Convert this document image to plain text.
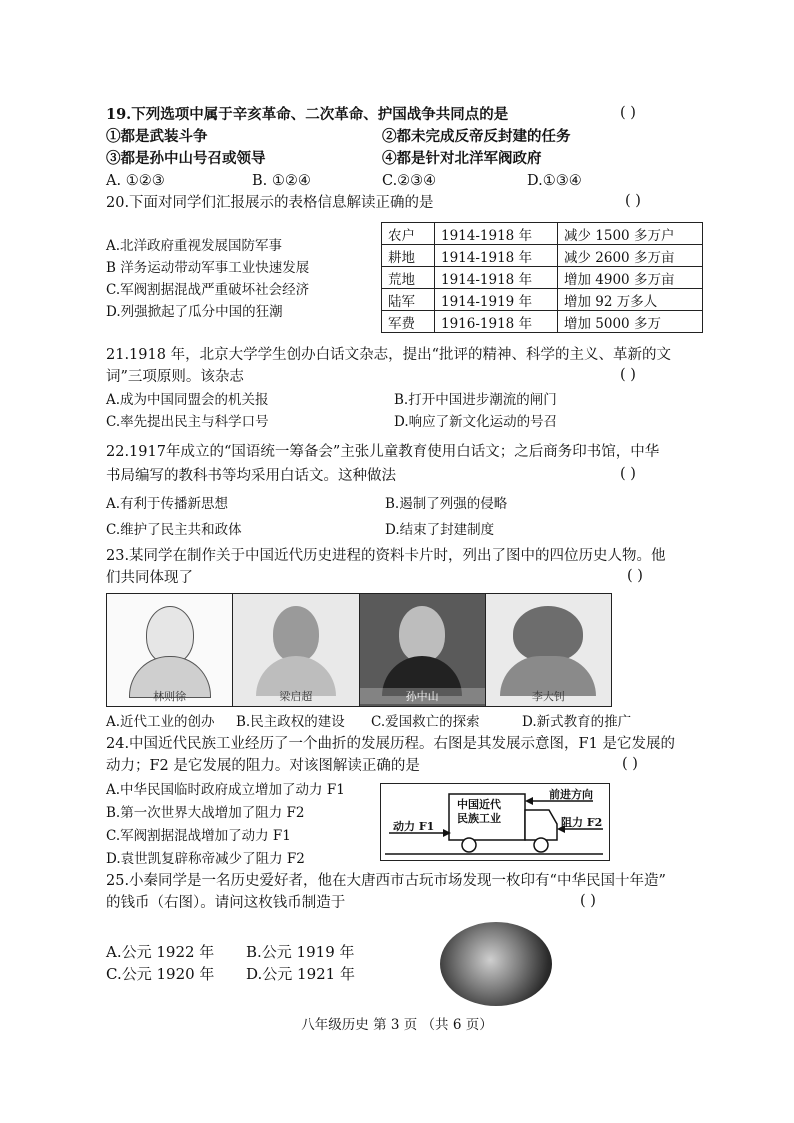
19.下列选项中属于辛亥革命、二次革命、护国战争共同点的是	( )
①都是武装斗争	②都未完成反帝反封建的任务
③都是孙中山号召或领导	④都是针对北洋军阀政府
A. ①②③	B. ①②④	C.②③④	D.①③④
20.下面对同学们汇报展示的表格信息解读正确的是	( )
A.北洋政府重视发展国防军事
B 洋务运动带动军事工业快速发展
C.军阀割据混战严重破坏社会经济
D.列强掀起了瓜分中国的狂潮
农户	1914-1918 年	减少 1500 多万户
耕地	1914-1918 年	减少 2600 多万亩
荒地	1914-1918 年	增加 4900 多万亩
陆军	1914-1919 年	增加 92 万多人
军费	1916-1918 年	增加 5000 多万
21.1918 年，北京大学学生创办白话文杂志，提出“批评的精神、科学的主义、革新的文
词”三项原则。该杂志	( )
A.成为中国同盟会的机关报	B.打开中国进步潮流的闸门
C.率先提出民主与科学口号	D.响应了新文化运动的号召
22.1917年成立的“国语统一筹备会”主张儿童教育使用白话文；之后商务印书馆，中华
书局编写的教科书等均采用白话文。这种做法	( )
A.有利于传播新思想	B.遏制了列强的侵略
C.维护了民主共和政体	D.结束了封建制度
23.某同学在制作关于中国近代历史进程的资料卡片时，列出了图中的四位历史人物。他
们共同体现了	( )
林则徐	梁启超	孙中山	李大钊
A.近代工业的创办 B.民主政权的建设 C.爱国救亡的探索	D.新式教育的推广
24.中国近代民族工业经历了一个曲折的发展历程。右图是其发展示意图，F1 是它发展的
动力；F2 是它发展的阻力。对该图解读正确的是	( )
A.中华民国临时政府成立增加了动力 F1
B.第一次世界大战增加了阻力 F2
C.军阀割据混战增加了动力 F1
D.袁世凯复辟称帝减少了阻力 F2
中国近代
民族工业
前进方向
动力 F1	阻力 F2
25.小秦同学是一名历史爱好者，他在大唐西市古玩市场发现一枚印有“中华民国十年造”
的钱币（右图）。请问这枚钱币制造于	( )
A.公元 1922 年 B.公元 1919 年
C.公元 1920 年 D.公元 1921 年
八年级历史 第 3 页 （共 6 页）
